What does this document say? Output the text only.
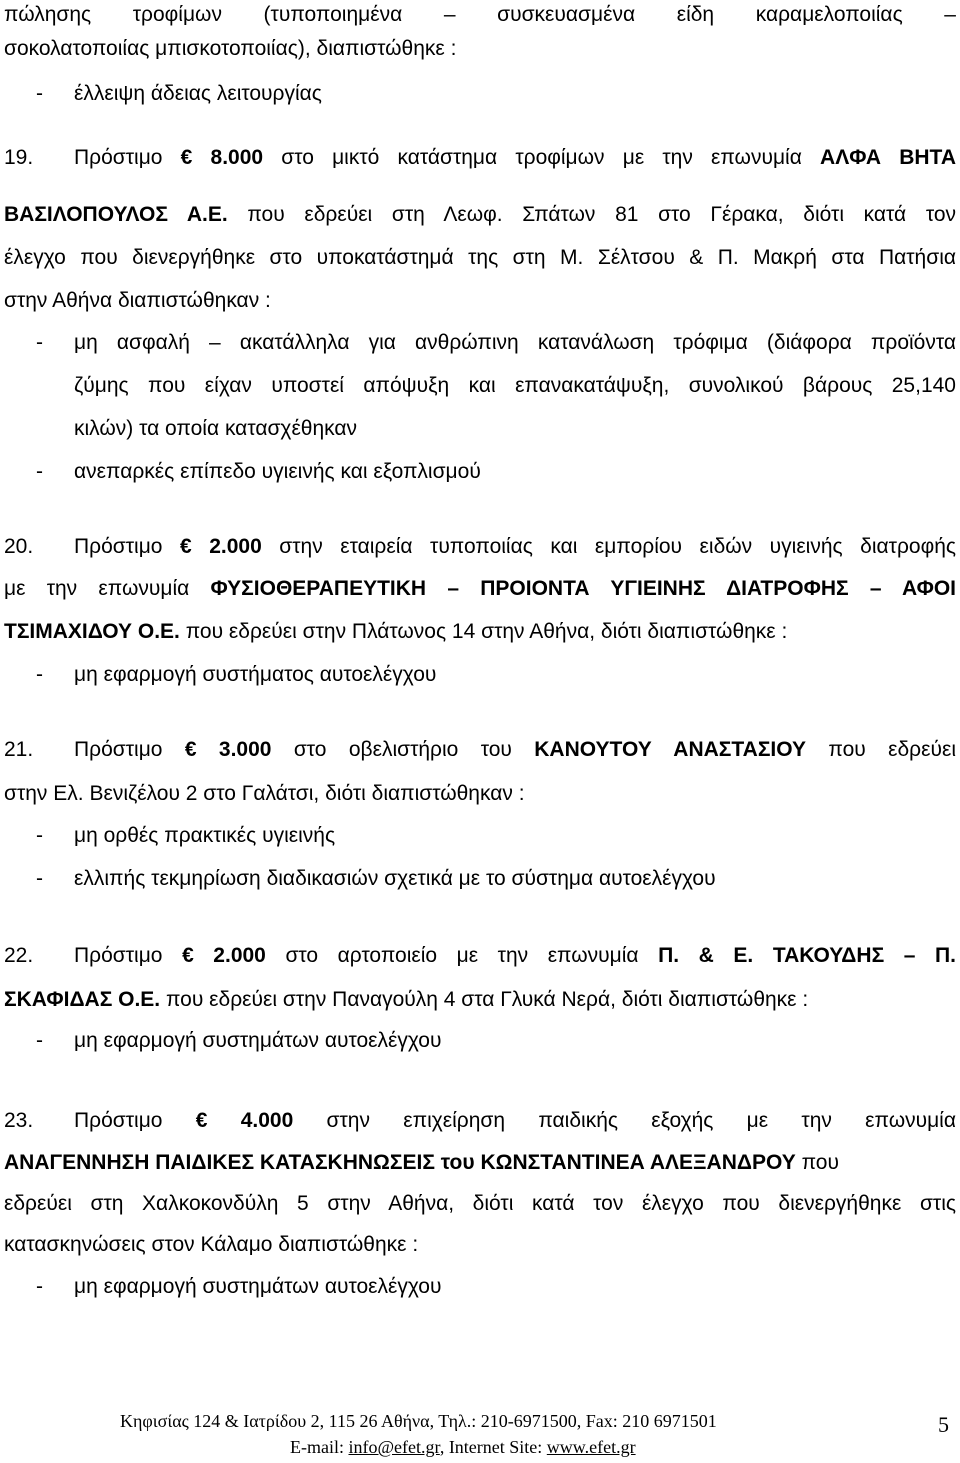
πώλησης τροφίμων (τυποποιημένα – συσκευασμένα είδη καραμελοποιίας –
σοκολατοποιίας μπισκοτοποιίας), διαπιστώθηκε :
- έλλειψη άδειας λειτουργίας
19. Πρόστιμο € 8.000 στο μικτό κατάστημα τροφίμων με την επωνυμία ΑΛΦΑ ΒΗΤΑ
ΒΑΣΙΛΟΠΟΥΛΟΣ Α.Ε. που εδρεύει στη Λεωφ. Σπάτων 81 στο Γέρακα, διότι κατά τον
έλεγχο που διενεργήθηκε στο υποκατάστημά της στη Μ. Σέλτσου & Π. Μακρή στα Πατήσια
στην Αθήνα διαπιστώθηκαν :
- μη ασφαλή – ακατάλληλα για ανθρώπινη κατανάλωση τρόφιμα (διάφορα προϊόντα
ζύμης που είχαν υποστεί απόψυξη και επανακατάψυξη, συνολικού βάρους 25,140
κιλών) τα οποία κατασχέθηκαν
- ανεπαρκές επίπεδο υγιεινής και εξοπλισμού
20. Πρόστιμο € 2.000 στην εταιρεία τυποποιίας και εμπορίου ειδών υγιεινής διατροφής
με την επωνυμία ΦΥΣΙΟΘΕΡΑΠΕΥΤΙΚΗ – ΠΡΟΙΟΝΤΑ ΥΓΙΕΙΝΗΣ ΔΙΑΤΡΟΦΗΣ – ΑΦΟΙ
ΤΣΙΜΑΧΙΔΟΥ Ο.Ε. που εδρεύει στην Πλάτωνος 14 στην Αθήνα, διότι διαπιστώθηκε :
- μη εφαρμογή συστήματος αυτοελέγχου
21. Πρόστιμο € 3.000 στο οβελιστήριο του ΚΑΝΟΥΤΟΥ ΑΝΑΣΤΑΣΙΟΥ που εδρεύει
στην Ελ. Βενιζέλου 2 στο Γαλάτσι, διότι διαπιστώθηκαν :
- μη ορθές πρακτικές υγιεινής
- ελλιπής τεκμηρίωση διαδικασιών σχετικά με το σύστημα αυτοελέγχου
22. Πρόστιμο € 2.000 στο αρτοποιείο με την επωνυμία Π. & Ε. ΤΑΚΟΥΔΗΣ – Π.
ΣΚΑΦΙΔΑΣ Ο.Ε. που εδρεύει στην Παναγούλη 4 στα Γλυκά Νερά, διότι διαπιστώθηκε :
- μη εφαρμογή συστημάτων αυτοελέγχου
23. Πρόστιμο € 4.000 στην επιχείρηση παιδικής εξοχής με την επωνυμία
ΑΝΑΓΕΝΝΗΣΗ ΠΑΙΔΙΚΕΣ ΚΑΤΑΣΚΗΝΩΣΕΙΣ του ΚΩΝΣΤΑΝΤΙΝΕΑ ΑΛΕΞΑΝΔΡΟΥ που
εδρεύει στη Χαλκοκονδύλη 5 στην Αθήνα, διότι κατά τον έλεγχο που διενεργήθηκε στις
κατασκηνώσεις στον Κάλαμο διαπιστώθηκε :
- μη εφαρμογή συστημάτων αυτοελέγχου
Κηφισίας 124 & Ιατρίδου 2, 115 26 Αθήνα, Τηλ.: 210-6971500, Fax: 210 6971501
E-mail: info@efet.gr, Internet Site: www.efet.gr
5
